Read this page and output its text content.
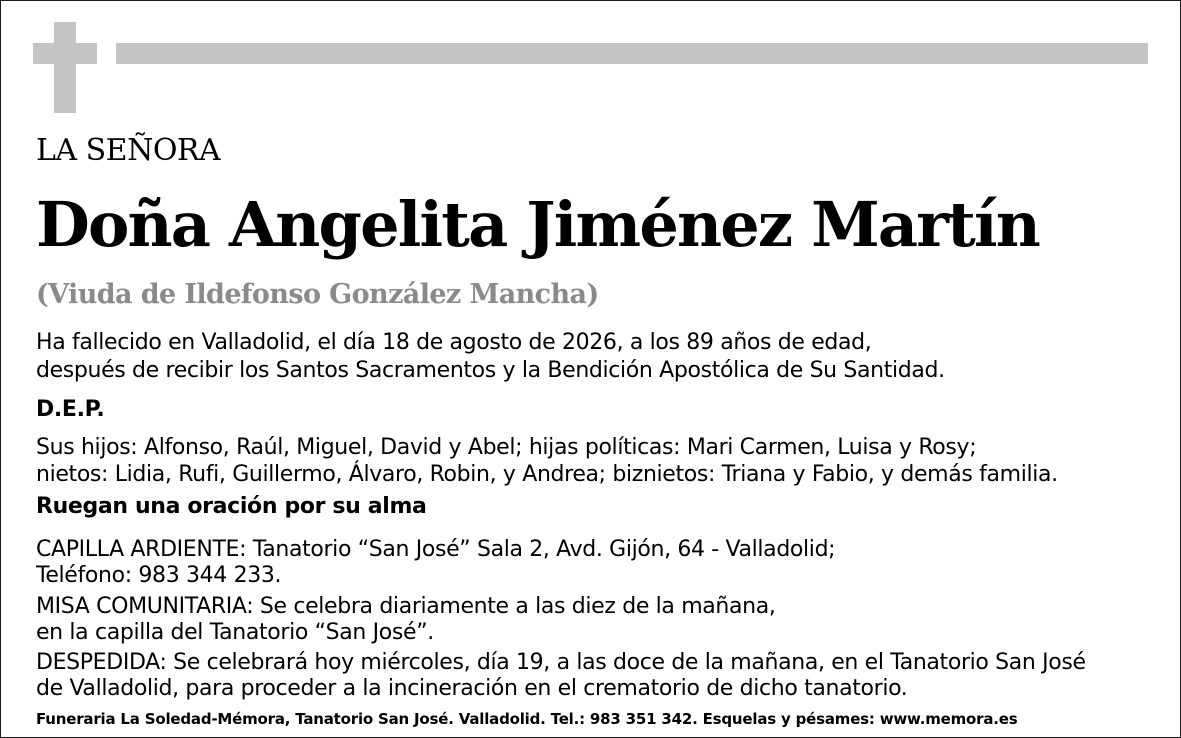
LA SEÑORA
Doña Angelita Jiménez Martín
(Viuda de Ildefonso González Mancha)
Ha fallecido en Valladolid, el día 18 de agosto de 2026, a los 89 años de edad,
después de recibir los Santos Sacramentos y la Bendición Apostólica de Su Santidad.
D.E.P.
Sus hijos: Alfonso, Raúl, Miguel, David y Abel; hijas políticas: Mari Carmen, Luisa y Rosy;
nietos: Lidia, Rufi, Guillermo, Álvaro, Robin, y Andrea; biznietos: Triana y Fabio, y demás familia.
Ruegan una oración por su alma
CAPILLA ARDIENTE: Tanatorio “San José” Sala 2, Avd. Gijón, 64 - Valladolid;
Teléfono: 983 344 233.
MISA COMUNITARIA: Se celebra diariamente a las diez de la mañana,
en la capilla del Tanatorio “San José”.
DESPEDIDA: Se celebrará hoy miércoles, día 19, a las doce de la mañana, en el Tanatorio San José
de Valladolid, para proceder a la incineración en el crematorio de dicho tanatorio.
Funeraria La Soledad-Mémora, Tanatorio San José. Valladolid. Tel.: 983 351 342. Esquelas y pésames: www.memora.es
